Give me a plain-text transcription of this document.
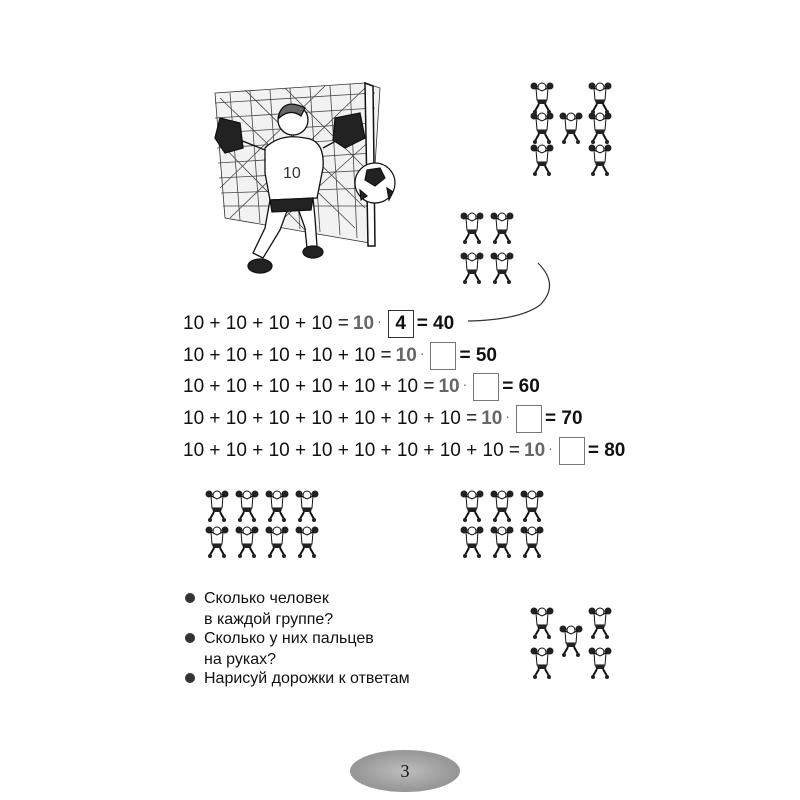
10
10 + 10 + 10 + 10 = 10 · 4 = 40
10 + 10 + 10 + 10 + 10 = 10 · = 50
10 + 10 + 10 + 10 + 10 + 10 = 10 · = 60
10 + 10 + 10 + 10 + 10 + 10 + 10 = 10 · = 70
10 + 10 + 10 + 10 + 10 + 10 + 10 + 10 = 10 · = 80
Сколько человек
в каждой группе?
Сколько у них пальцев
на руках?
Нарисуй дорожки к ответам
3
